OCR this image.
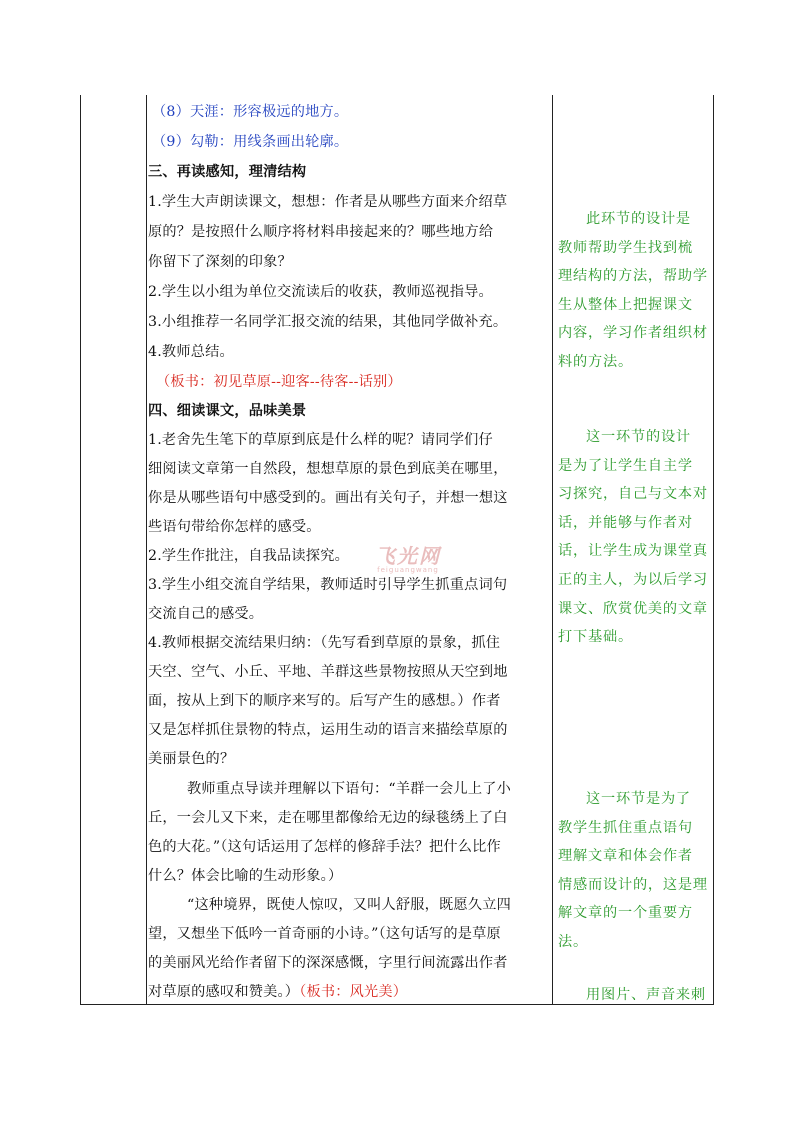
（8）天涯：形容极远的地方。
（9）勾勒：用线条画出轮廓。
三、再读感知，理清结构
1.学生大声朗读课文，想想：作者是从哪些方面来介绍草
原的？是按照什么顺序将材料串接起来的？哪些地方给
你留下了深刻的印象？
2.学生以小组为单位交流读后的收获，教师巡视指导。
3.小组推荐一名同学汇报交流的结果，其他同学做补充。
4.教师总结。
（板书：初见草原--迎客--待客--话别）
四、细读课文，品味美景
1.老舍先生笔下的草原到底是什么样的呢？请同学们仔
细阅读文章第一自然段，想想草原的景色到底美在哪里，
你是从哪些语句中感受到的。画出有关句子，并想一想这
些语句带给你怎样的感受。
2.学生作批注，自我品读探究。
3.学生小组交流自学结果，教师适时引导学生抓重点词句
交流自己的感受。
4.教师根据交流结果归纳：（先写看到草原的景象，抓住
天空、空气、小丘、平地、羊群这些景物按照从天空到地
面，按从上到下的顺序来写的。后写产生的感想。）作者
又是怎样抓住景物的特点，运用生动的语言来描绘草原的
美丽景色的？
教师重点导读并理解以下语句：“羊群一会儿上了小
丘，一会儿又下来，走在哪里都像给无边的绿毯绣上了白
色的大花。”（这句话运用了怎样的修辞手法？把什么比作
什么？体会比喻的生动形象。）
“这种境界，既使人惊叹，又叫人舒服，既愿久立四
望，又想坐下低吟一首奇丽的小诗。”（这句话写的是草原
的美丽风光给作者留下的深深感慨，字里行间流露出作者
对草原的感叹和赞美。）（板书：风光美）
此环节的设计是
教师帮助学生找到梳
理结构的方法，帮助学
生从整体上把握课文
内容，学习作者组织材
料的方法。
这一环节的设计
是为了让学生自主学
习探究，自己与文本对
话，并能够与作者对
话，让学生成为课堂真
正的主人，为以后学习
课文、欣赏优美的文章
打下基础。
这一环节是为了
教学生抓住重点语句
理解文章和体会作者
情感而设计的，这是理
解文章的一个重要方
法。
用图片、声音来刺
飞光网
feiguangwang
